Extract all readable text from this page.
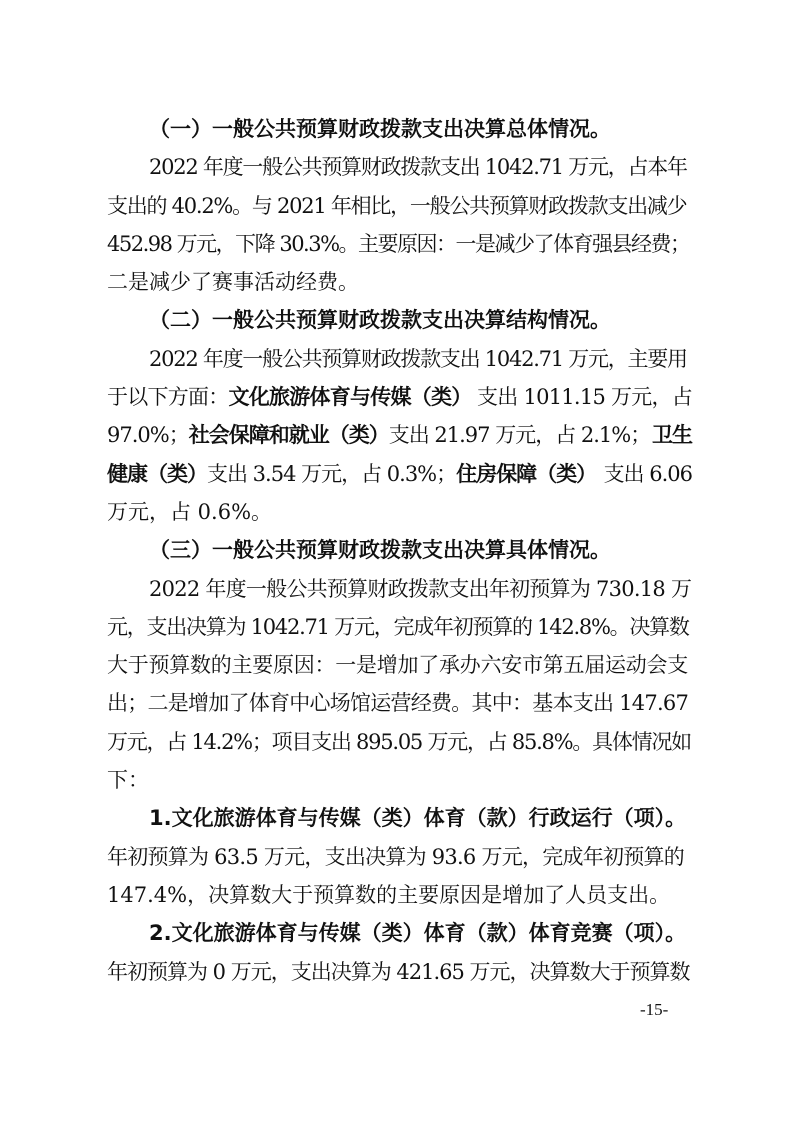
（一）一般公共预算财政拨款支出决算总体情况。
2022 年度一般公共预算财政拨款支出 1042.71 万元，占本年
支出的 40.2%。与 2021 年相比，一般公共预算财政拨款支出减少
452.98 万元，下降 30.3%。主要原因：一是减少了体育强县经费；
二是减少了赛事活动经费。
（二）一般公共预算财政拨款支出决算结构情况。
2022 年度一般公共预算财政拨款支出 1042.71 万元，主要用
于以下方面：文化旅游体育与传媒（类） 支出 1011.15 万元，占
97.0%；社会保障和就业（类）支出 21.97 万元，占 2.1%； 卫生
健康（类）支出 3.54 万元，占 0.3%；住房保障（类） 支出 6.06
万元，占 0.6%。
（三）一般公共预算财政拨款支出决算具体情况。
2022 年度一般公共预算财政拨款支出年初预算为 730.18 万
元，支出决算为 1042.71 万元，完成年初预算的 142.8%。决算数
大于预算数的主要原因：一是增加了承办六安市第五届运动会支
出；二是增加了体育中心场馆运营经费。其中：基本支出 147.67
万元，占 14.2%；项目支出 895.05 万元，占 85.8%。具体情况如
下：
1.文化旅游体育与传媒（类）体育（款）行政运行（项）。
年初预算为 63.5 万元，支出决算为 93.6 万元，完成年初预算的
147.4%，决算数大于预算数的主要原因是增加了人员支出。
2.文化旅游体育与传媒（类）体育（款）体育竞赛（项）。
年初预算为 0 万元，支出决算为 421.65 万元，决算数大于预算数
-15-
